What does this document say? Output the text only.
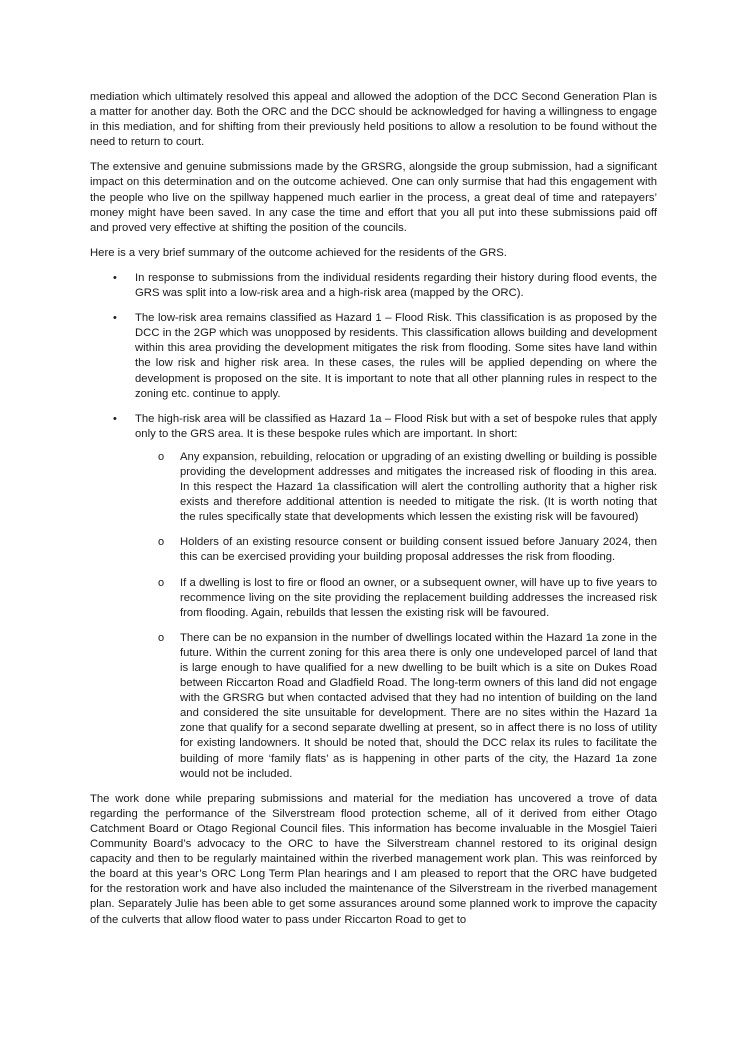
mediation which ultimately resolved this appeal and allowed the adoption of the DCC Second Generation Plan is a matter for another day. Both the ORC and the DCC should be acknowledged for having a willingness to engage in this mediation, and for shifting from their previously held positions to allow a resolution to be found without the need to return to court.

The extensive and genuine submissions made by the GRSRG, alongside the group submission, had a significant impact on this determination and on the outcome achieved. One can only surmise that had this engagement with the people who live on the spillway happened much earlier in the process, a great deal of time and ratepayers’ money might have been saved. In any case the time and effort that you all put into these submissions paid off and proved very effective at shifting the position of the councils.

Here is a very brief summary of the outcome achieved for the residents of the GRS.

• In response to submissions from the individual residents regarding their history during flood events, the GRS was split into a low-risk area and a high-risk area (mapped by the ORC).
• The low-risk area remains classified as Hazard 1 – Flood Risk. This classification is as proposed by the DCC in the 2GP which was unopposed by residents. This classification allows building and development within this area providing the development mitigates the risk from flooding. Some sites have land within the low risk and higher risk area. In these cases, the rules will be applied depending on where the development is proposed on the site. It is important to note that all other planning rules in respect to the zoning etc. continue to apply.
• The high-risk area will be classified as Hazard 1a – Flood Risk but with a set of bespoke rules that apply only to the GRS area. It is these bespoke rules which are important. In short:
o Any expansion, rebuilding, relocation or upgrading of an existing dwelling or building is possible providing the development addresses and mitigates the increased risk of flooding in this area. In this respect the Hazard 1a classification will alert the controlling authority that a higher risk exists and therefore additional attention is needed to mitigate the risk. (It is worth noting that the rules specifically state that developments which lessen the existing risk will be favoured)
o Holders of an existing resource consent or building consent issued before January 2024, then this can be exercised providing your building proposal addresses the risk from flooding.
o If a dwelling is lost to fire or flood an owner, or a subsequent owner, will have up to five years to recommence living on the site providing the replacement building addresses the increased risk from flooding. Again, rebuilds that lessen the existing risk will be favoured.
o There can be no expansion in the number of dwellings located within the Hazard 1a zone in the future. Within the current zoning for this area there is only one undeveloped parcel of land that is large enough to have qualified for a new dwelling to be built which is a site on Dukes Road between Riccarton Road and Gladfield Road. The long-term owners of this land did not engage with the GRSRG but when contacted advised that they had no intention of building on the land and considered the site unsuitable for development. There are no sites within the Hazard 1a zone that qualify for a second separate dwelling at present, so in affect there is no loss of utility for existing landowners. It should be noted that, should the DCC relax its rules to facilitate the building of more ‘family flats’ as is happening in other parts of the city, the Hazard 1a zone would not be included.

The work done while preparing submissions and material for the mediation has uncovered a trove of data regarding the performance of the Silverstream flood protection scheme, all of it derived from either Otago Catchment Board or Otago Regional Council files. This information has become invaluable in the Mosgiel Taieri Community Board’s advocacy to the ORC to have the Silverstream channel restored to its original design capacity and then to be regularly maintained within the riverbed management work plan. This was reinforced by the board at this year’s ORC Long Term Plan hearings and I am pleased to report that the ORC have budgeted for the restoration work and have also included the maintenance of the Silverstream in the riverbed management plan. Separately Julie has been able to get some assurances around some planned work to improve the capacity of the culverts that allow flood water to pass under Riccarton Road to get to
